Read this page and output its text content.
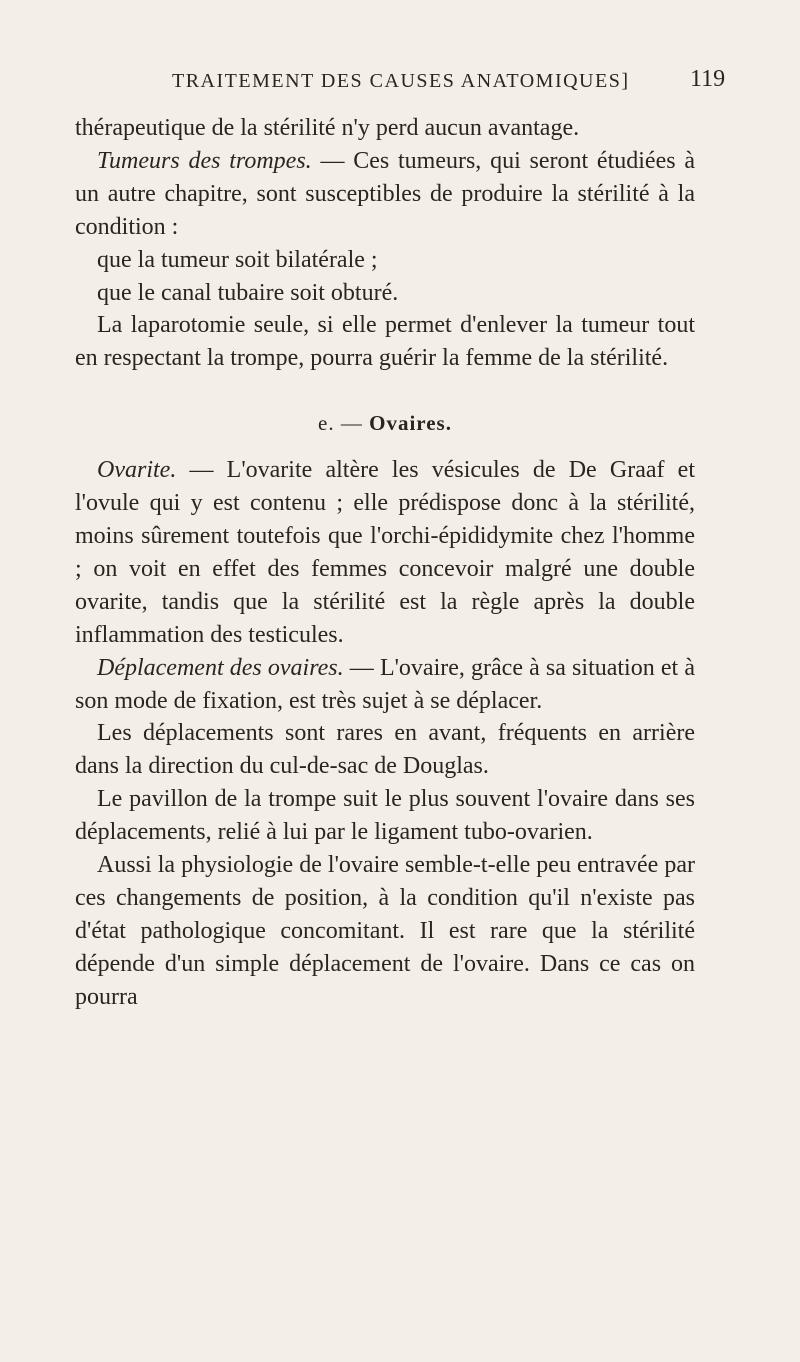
TRAITEMENT DES CAUSES ANATOMIQUES]	119

thérapeutique de la stérilité n'y perd aucun avantage.

Tumeurs des trompes. — Ces tumeurs, qui seront étudiées à un autre chapitre, sont susceptibles de produire la stérilité à la condition :

que la tumeur soit bilatérale ;

que le canal tubaire soit obturé.

La laparotomie seule, si elle permet d'enlever la tumeur tout en respectant la trompe, pourra guérir la femme de la stérilité.

e. — Ovaires.

Ovarite. — L'ovarite altère les vésicules de De Graaf et l'ovule qui y est contenu ; elle prédispose donc à la stérilité, moins sûrement toutefois que l'orchi-épididymite chez l'homme ; on voit en effet des femmes concevoir malgré une double ovarite, tandis que la stérilité est la règle après la double inflammation des testicules.

Déplacement des ovaires. — L'ovaire, grâce à sa situation et à son mode de fixation, est très sujet à se déplacer.

Les déplacements sont rares en avant, fréquents en arrière dans la direction du cul-de-sac de Douglas.

Le pavillon de la trompe suit le plus souvent l'ovaire dans ses déplacements, relié à lui par le ligament tubo-ovarien.

Aussi la physiologie de l'ovaire semble-t-elle peu entravée par ces changements de position, à la condition qu'il n'existe pas d'état pathologique concomitant. Il est rare que la stérilité dépende d'un simple déplacement de l'ovaire. Dans ce cas on pourra
